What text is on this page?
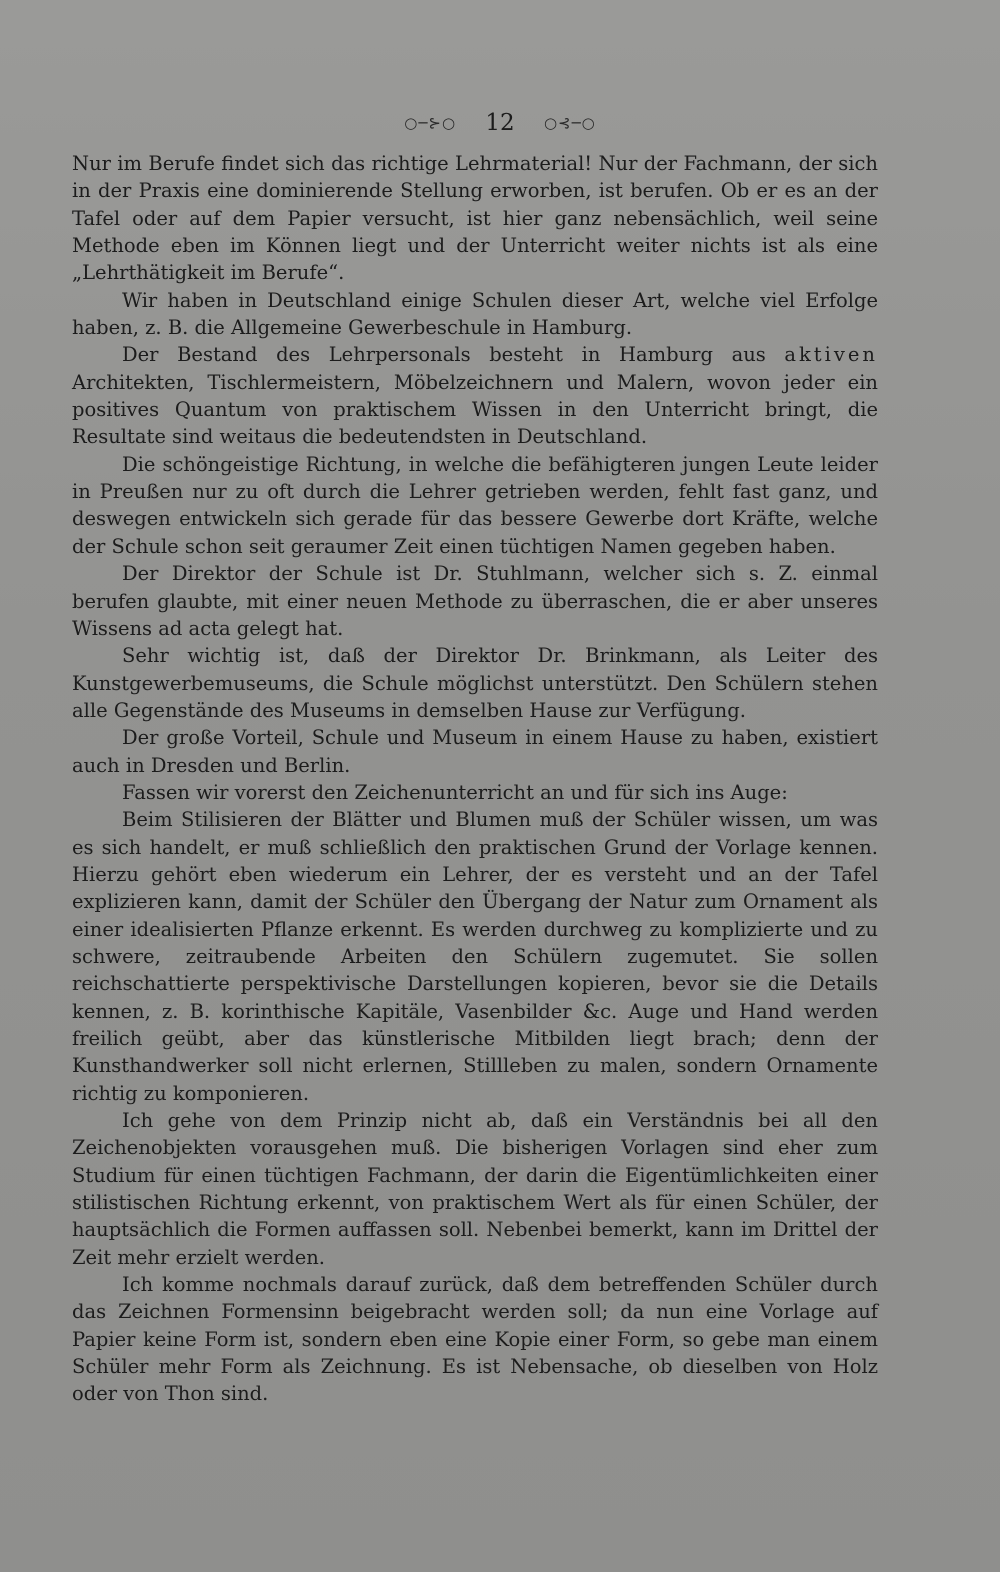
○─⊱○ 12 ○⊰─○

Nur im Berufe findet sich das richtige Lehrmaterial! Nur der Fachmann, der sich in der Praxis eine dominierende Stellung erworben, ist berufen. Ob er es an der Tafel oder auf dem Papier versucht, ist hier ganz nebensächlich, weil seine Methode eben im Können liegt und der Unterricht weiter nichts ist als eine „Lehrthätigkeit im Berufe“.

Wir haben in Deutschland einige Schulen dieser Art, welche viel Erfolge haben, z. B. die Allgemeine Gewerbeschule in Hamburg.

Der Bestand des Lehrpersonals besteht in Hamburg aus aktiven Architekten, Tischlermeistern, Möbelzeichnern und Malern, wovon jeder ein positives Quantum von praktischem Wissen in den Unterricht bringt, die Resultate sind weitaus die bedeutendsten in Deutschland.

Die schöngeistige Richtung, in welche die befähigteren jungen Leute leider in Preußen nur zu oft durch die Lehrer getrieben werden, fehlt fast ganz, und deswegen entwickeln sich gerade für das bessere Gewerbe dort Kräfte, welche der Schule schon seit geraumer Zeit einen tüchtigen Namen gegeben haben.

Der Direktor der Schule ist Dr. Stuhlmann, welcher sich s. Z. einmal berufen glaubte, mit einer neuen Methode zu überraschen, die er aber unseres Wissens ad acta gelegt hat.

Sehr wichtig ist, daß der Direktor Dr. Brinkmann, als Leiter des Kunstgewerbemuseums, die Schule möglichst unterstützt. Den Schülern stehen alle Gegenstände des Museums in demselben Hause zur Verfügung.

Der große Vorteil, Schule und Museum in einem Hause zu haben, existiert auch in Dresden und Berlin.

Fassen wir vorerst den Zeichenunterricht an und für sich ins Auge:

Beim Stilisieren der Blätter und Blumen muß der Schüler wissen, um was es sich handelt, er muß schließlich den praktischen Grund der Vorlage kennen. Hierzu gehört eben wiederum ein Lehrer, der es versteht und an der Tafel explizieren kann, damit der Schüler den Übergang der Natur zum Ornament als einer idealisierten Pflanze erkennt. Es werden durchweg zu komplizierte und zu schwere, zeitraubende Arbeiten den Schülern zugemutet. Sie sollen reichschattierte perspektivische Darstellungen kopieren, bevor sie die Details kennen, z. B. korinthische Kapitäle, Vasenbilder &c. Auge und Hand werden freilich geübt, aber das künstlerische Mitbilden liegt brach; denn der Kunsthandwerker soll nicht erlernen, Stillleben zu malen, sondern Ornamente richtig zu komponieren.

Ich gehe von dem Prinzip nicht ab, daß ein Verständnis bei all den Zeichenobjekten vorausgehen muß. Die bisherigen Vorlagen sind eher zum Studium für einen tüchtigen Fachmann, der darin die Eigentümlichkeiten einer stilistischen Richtung erkennt, von praktischem Wert als für einen Schüler, der hauptsächlich die Formen auffassen soll. Nebenbei bemerkt, kann im Drittel der Zeit mehr erzielt werden.

Ich komme nochmals darauf zurück, daß dem betreffenden Schüler durch das Zeichnen Formensinn beigebracht werden soll; da nun eine Vorlage auf Papier keine Form ist, sondern eben eine Kopie einer Form, so gebe man einem Schüler mehr Form als Zeichnung. Es ist Nebensache, ob dieselben von Holz oder von Thon sind.
